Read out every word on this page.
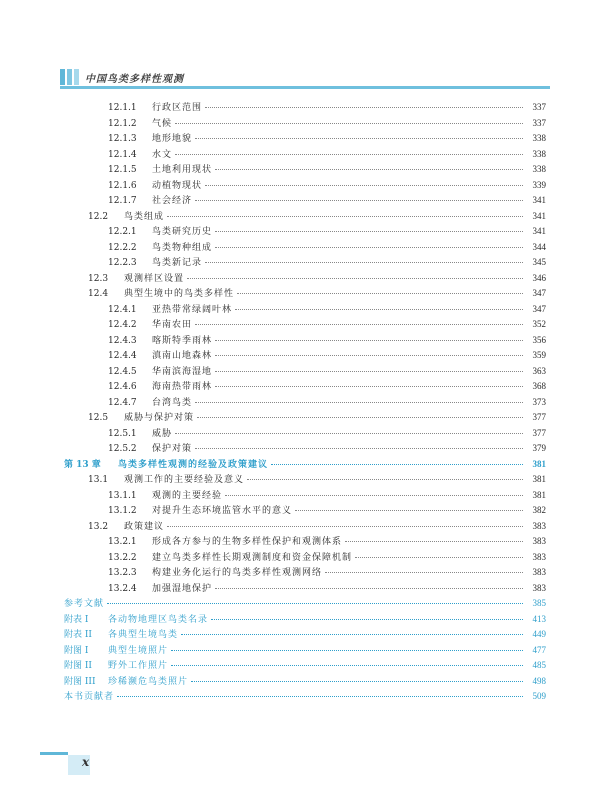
中国鸟类多样性观测
12.1.1	行政区范围	337
12.1.2	气候	337
12.1.3	地形地貌	338
12.1.4	水文	338
12.1.5	土地利用现状	338
12.1.6	动植物现状	339
12.1.7	社会经济	341
12.2	鸟类组成	341
12.2.1	鸟类研究历史	341
12.2.2	鸟类物种组成	344
12.2.3	鸟类新记录	345
12.3	观测样区设置	346
12.4	典型生境中的鸟类多样性	347
12.4.1	亚热带常绿阔叶林	347
12.4.2	华南农田	352
12.4.3	喀斯特季雨林	356
12.4.4	滇南山地森林	359
12.4.5	华南滨海湿地	363
12.4.6	海南热带雨林	368
12.4.7	台湾鸟类	373
12.5	威胁与保护对策	377
12.5.1	威胁	377
12.5.2	保护对策	379
第 13 章	鸟类多样性观测的经验及政策建议	381
13.1	观测工作的主要经验及意义	381
13.1.1	观测的主要经验	381
13.1.2	对提升生态环境监管水平的意义	382
13.2	政策建议	383
13.2.1	形成各方参与的生物多样性保护和观测体系	383
13.2.2	建立鸟类多样性长期观测制度和资金保障机制	383
13.2.3	构建业务化运行的鸟类多样性观测网络	383
13.2.4	加强湿地保护	383
参考文献	385
附表 I	各动物地理区鸟类名录	413
附表 II	各典型生境鸟类	449
附图 I	典型生境照片	477
附图 II	野外工作照片	485
附图 III	珍稀濒危鸟类照片	498
本书贡献者	509
x
